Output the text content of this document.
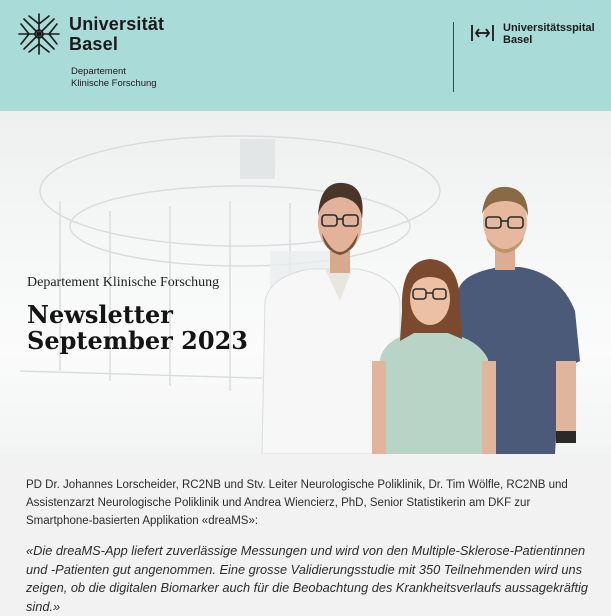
Universität
Basel
Departement
Klinische Forschung
Universitätsspital
Basel
Departement Klinische Forschung
Newsletter
September 2023
PD Dr. Johannes Lorscheider, RC2NB und Stv. Leiter Neurologische Poliklinik, Dr. Tim Wölfle, RC2NB und Assistenzarzt Neurologische Poliklinik und Andrea Wiencierz, PhD, Senior Statistikerin am DKF zur Smartphone-basierten Applikation «dreaMS»:
«Die dreaMS-App liefert zuverlässige Messungen und wird von den Multiple-Sklerose-Patientinnen und -Patienten gut angenommen. Eine grosse Validierungsstudie mit 350 Teilnehmenden wird uns zeigen, ob die digitalen Biomarker auch für die Beobachtung des Krankheitsverlaufs aussagekräftig sind.»
